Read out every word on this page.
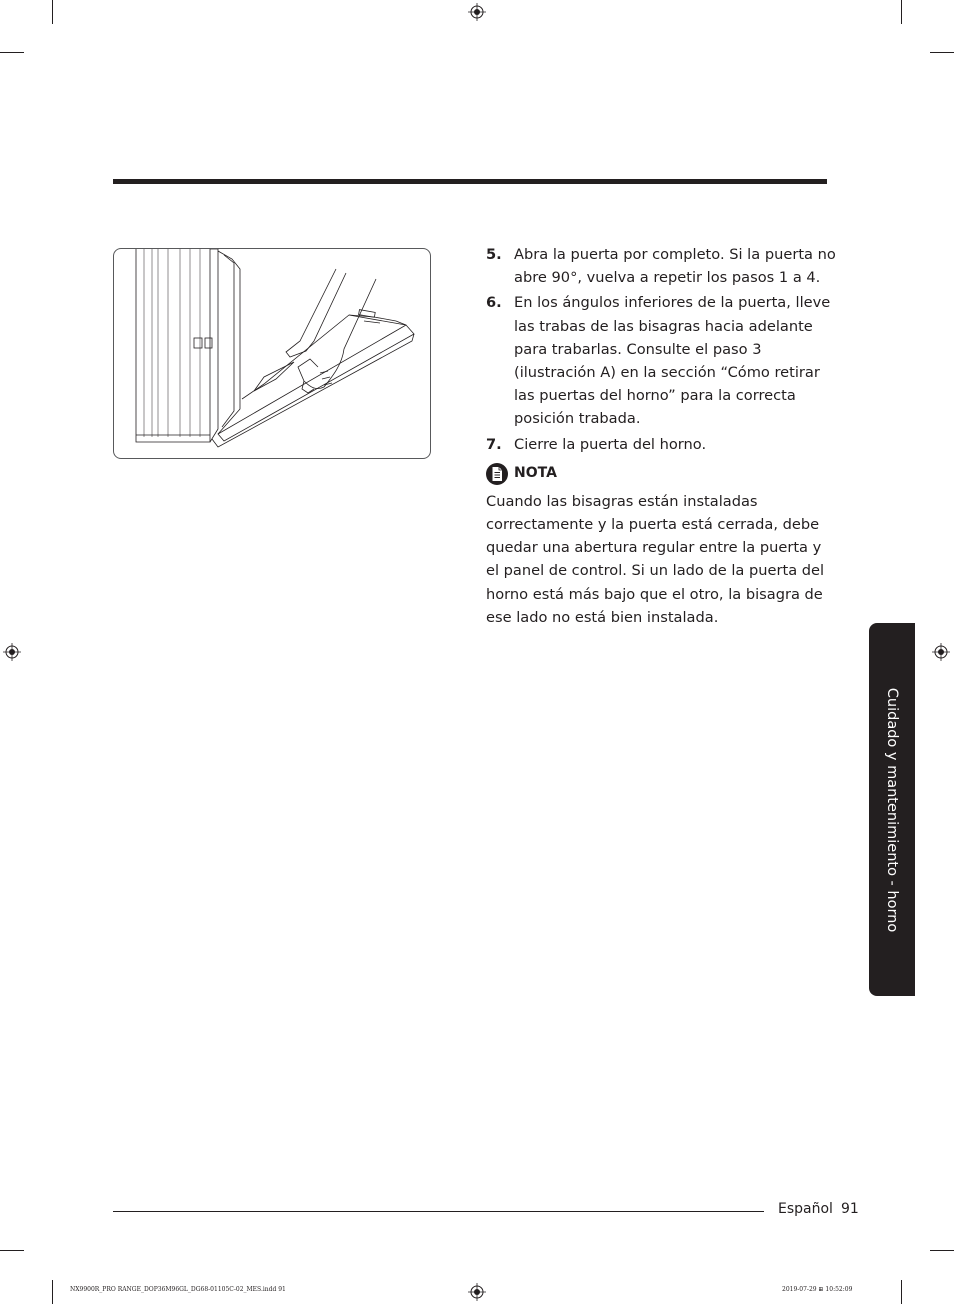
5. Abra la puerta por completo. Si la puerta no abre 90°, vuelva a repetir los pasos 1 a 4.
6. En los ángulos inferiores de la puerta, lleve las trabas de las bisagras hacia adelante para trabarlas. Consulte el paso 3 (ilustración A) en la sección “Cómo retirar las puertas del horno” para la correcta posición trabada.
7. Cierre la puerta del horno.
NOTA
Cuando las bisagras están instaladas correctamente y la puerta está cerrada, debe quedar una abertura regular entre la puerta y el panel de control. Si un lado de la puerta del horno está más bajo que el otro, la bisagra de ese lado no está bien instalada.
Cuidado y mantenimiento - horno
Español 91
NX9900R_PRO RANGE_DOP36M96GL_DG68-01105C-02_MES.indd 91	2019-07-29 ⊞ 10:52:09
